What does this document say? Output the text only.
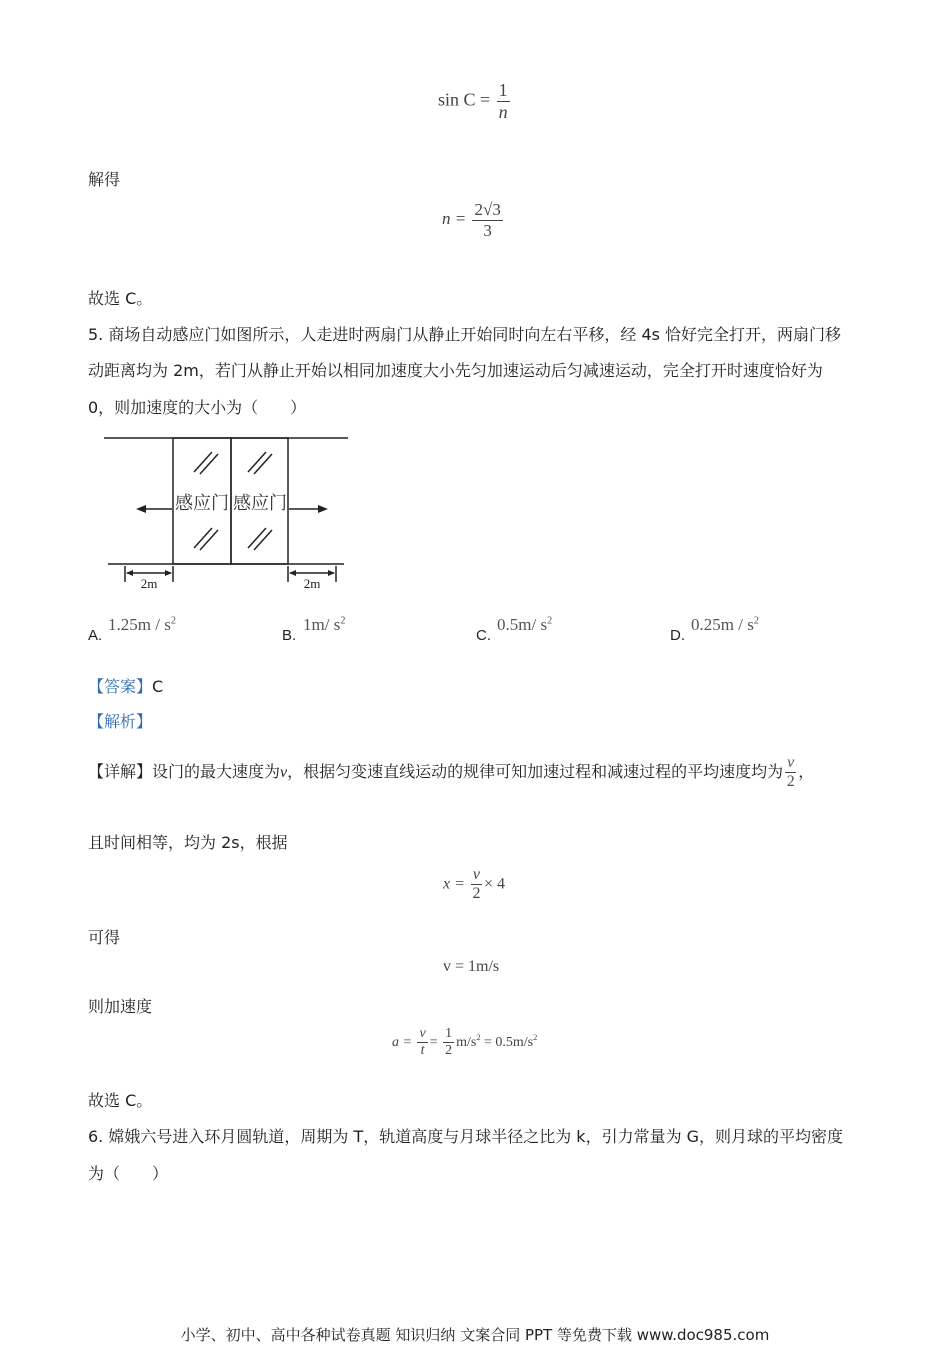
$\sin C = \frac{1}{n}$
解得
$n = \frac{2√3}{3}$
故选 C。
5. 商场自动感应门如图所示，人走进时两扇门从静止开始同时向左右平移，经 4s 恰好完全打开，两扇门移
动距离均为 2m，若门从静止开始以相同加速度大小先匀加速运动后匀减速运动，完全打开时速度恰好为
0，则加速度的大小为（　　）
感应门 感应门
2m	2m
A.
$1.25m / s^2$
B.
1m/ $s^2$
C.
0.5m/ $s^2$
D.
$0.25m / s^2$
【答案】C
【解析】
【详解】设门的最大速度为v，根据匀变速直线运动的规律可知加速过程和减速过程的平均速度均为 $\frac{v}{2}$ ，
且时间相等，均为 2s，根据
$x = \frac{v}{2} \times 4$
可得
v = 1m/s
则加速度
$a = \frac{v}{t} = \frac{1}{2} m/s^2 = 0.5m/s^2$
故选 C。
6. 嫦娥六号进入环月圆轨道，周期为 T，轨道高度与月球半径之比为 k，引力常量为 G，则月球的平均密度
为（　　）
小学、初中、高中各种试卷真题 知识归纳 文案合同 PPT 等免费下载 www.doc985.com
